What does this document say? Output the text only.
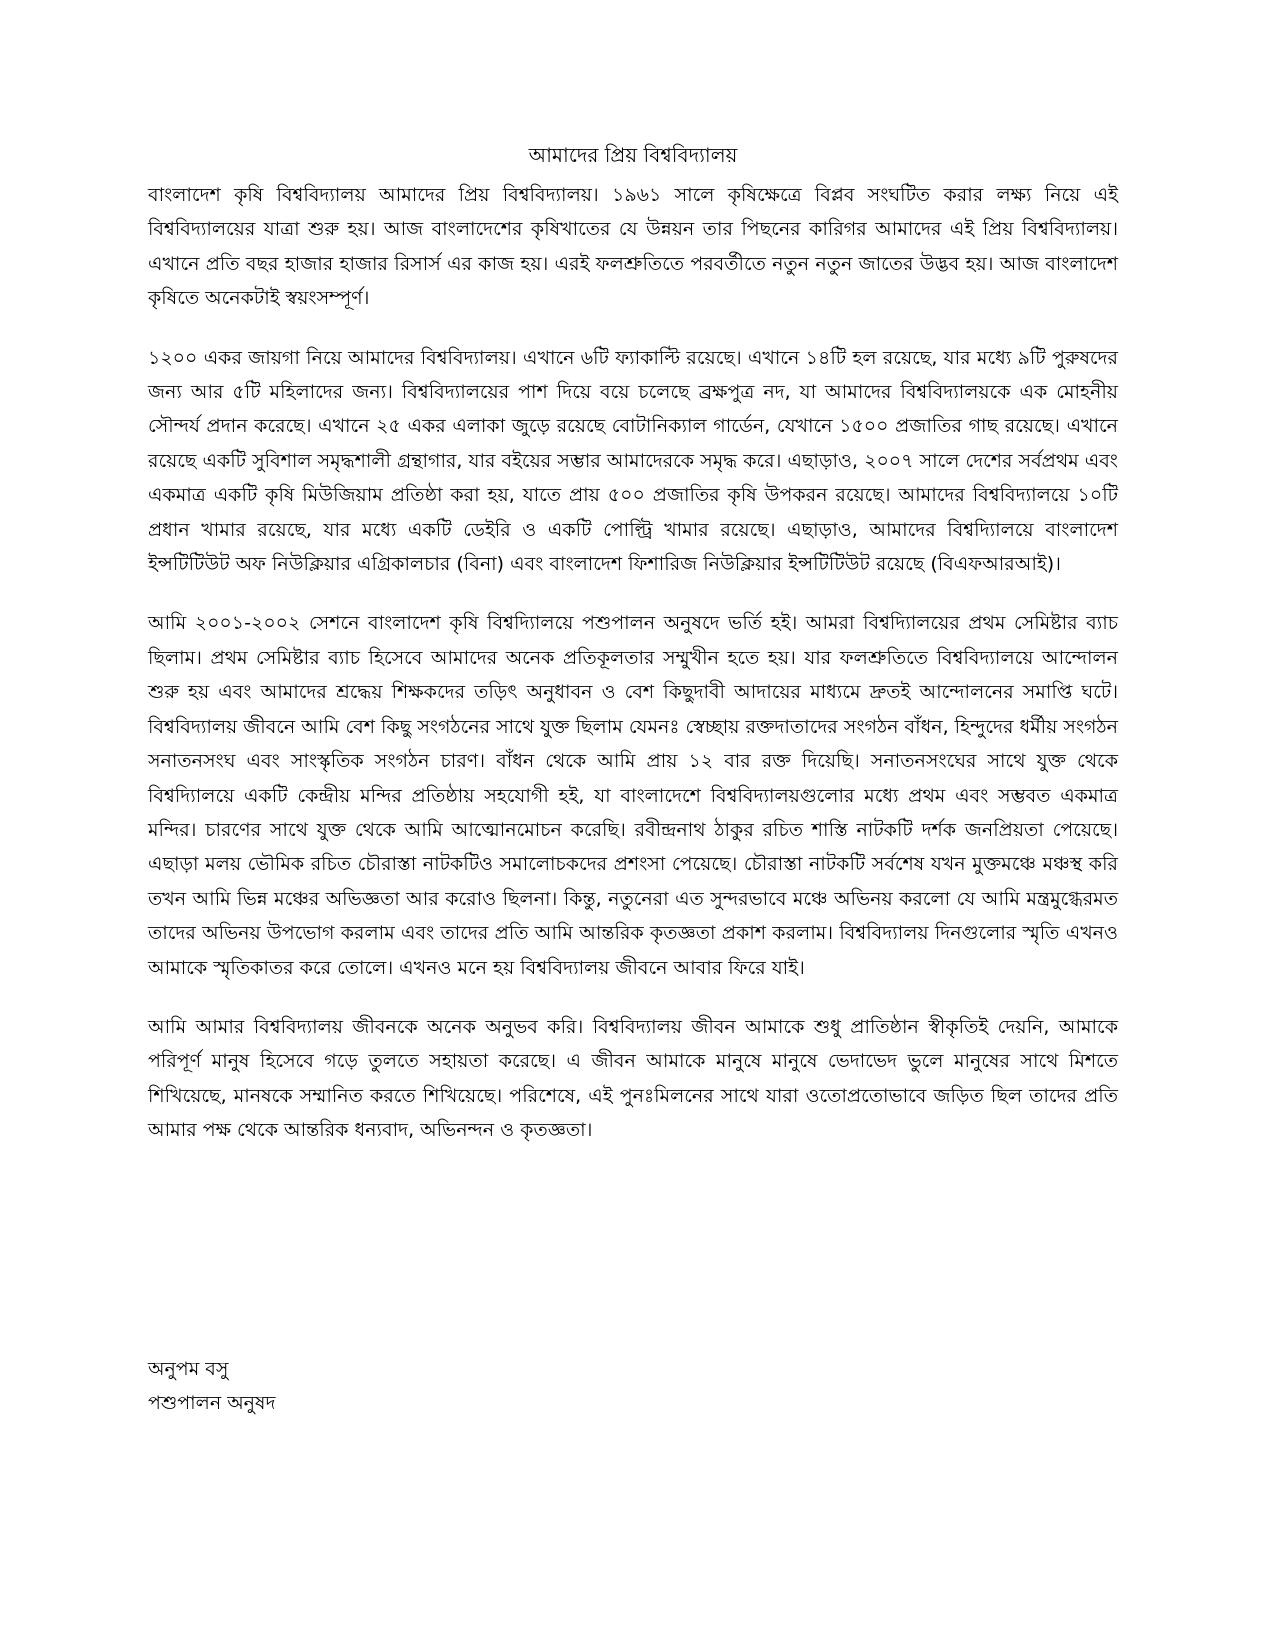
আমাদের প্রিয় বিশ্ববিদ্যালয়

বাংলাদেশ কৃষি বিশ্ববিদ্যালয় আমাদের প্রিয় বিশ্ববিদ্যালয়। ১৯৬১ সালে কৃষিক্ষেত্রে বিপ্লব সংঘটিত করার লক্ষ্য নিয়ে এই বিশ্ববিদ্যালয়ের যাত্রা শুরু হয়। আজ বাংলাদেশের কৃষিখাতের যে উন্নয়ন তার পিছনের কারিগর আমাদের এই প্রিয় বিশ্ববিদ্যালয়। এখানে প্রতি বছর হাজার হাজার রিসার্স এর কাজ হয়। এরই ফলশ্রুতিতে পরবর্তীতে নতুন নতুন জাতের উদ্ভব হয়। আজ বাংলাদেশ কৃষিতে অনেকটাই স্বয়ংসম্পূর্ণ।

১২০০ একর জায়গা নিয়ে আমাদের বিশ্ববিদ্যালয়। এখানে ৬টি ফ্যাকাল্টি রয়েছে। এখানে ১৪টি হল রয়েছে, যার মধ্যে ৯টি পুরুষদের জন্য আর ৫টি মহিলাদের জন্য। বিশ্ববিদ্যালয়ের পাশ দিয়ে বয়ে চলেছে ব্রক্ষপুত্র নদ, যা আমাদের বিশ্ববিদ্যালয়কে এক মোহনীয় সৌন্দর্য প্রদান করেছে। এখানে ২৫ একর এলাকা জুড়ে রয়েছে বোটানিক্যাল গার্ডেন, যেখানে ১৫০০ প্রজাতির গাছ রয়েছে। এখানে রয়েছে একটি সুবিশাল সমৃদ্ধশালী গ্রন্থাগার, যার বইয়ের সম্ভার আমাদেরকে সমৃদ্ধ করে। এছাড়াও, ২০০৭ সালে দেশের সর্বপ্রথম এবং একমাত্র একটি কৃষি মিউজিয়াম প্রতিষ্ঠা করা হয়, যাতে প্রায় ৫০০ প্রজাতির কৃষি উপকরন রয়েছে। আমাদের বিশ্ববিদ্যালয়ে ১০টি প্রধান খামার রয়েছে, যার মধ্যে একটি ডেইরি ও একটি পোল্ট্রি খামার রয়েছে। এছাড়াও, আমাদের বিশ্বদ্যিালয়ে বাংলাদেশ ইন্সটিটিউট অফ নিউক্লিয়ার এগ্রিকালচার (বিনা) এবং বাংলাদেশ ফিশারিজ নিউক্লিয়ার ইন্সটিটিউট রয়েছে (বিএফআরআই)।

আমি ২০০১-২০০২ সেশনে বাংলাদেশ কৃষি বিশ্বদ্যিালয়ে পশুপালন অনুষদে ভর্তি হই। আমরা বিশ্বদ্যিালয়ের প্রথম সেমিষ্টার ব্যাচ ছিলাম। প্রথম সেমিষ্টার ব্যাচ হিসেবে আমাদের অনেক প্রতিকূলতার সম্মুখীন হতে হয়। যার ফলশ্রুতিতে বিশ্ববিদ্যালয়ে আন্দোলন শুরু হয় এবং আমাদের শ্রদ্ধেয় শিক্ষকদের তড়িৎ অনুধাবন ও বেশ কিছুদাবী আদায়ের মাধ্যমে দ্রুতই আন্দোলনের সমাপ্তি ঘটে। বিশ্ববিদ্যালয় জীবনে আমি বেশ কিছু সংগঠনের সাথে যুক্ত ছিলাম যেমনঃ স্বেচ্ছায় রক্তদাতাদের সংগঠন বাঁধন, হিন্দুদের ধর্মীয় সংগঠন সনাতনসংঘ এবং সাংস্কৃতিক সংগঠন চারণ। বাঁধন থেকে আমি প্রায় ১২ বার রক্ত দিয়েছি। সনাতনসংঘের সাথে যুক্ত থেকে বিশ্বদ্যিালয়ে একটি কেন্দ্রীয় মন্দির প্রতিষ্ঠায় সহযোগী হই, যা বাংলাদেশে বিশ্ববিদ্যালয়গুলোর মধ্যে প্রথম এবং সম্ভবত একমাত্র মন্দির। চারণের সাথে যুক্ত থেকে আমি আত্মোনমোচন করেছি। রবীন্দ্রনাথ ঠাকুর রচিত শাস্তি নাটকটি দর্শক জনপ্রিয়তা পেয়েছে। এছাড়া মলয় ভৌমিক রচিত চৌরাস্তা নাটকটিও সমালোচকদের প্রশংসা পেয়েছে। চৌরাস্তা নাটকটি সর্বশেষ যখন মুক্তমঞ্চে মঞ্চস্থ করি তখন আমি ভিন্ন মঞ্চের অভিজ্ঞতা আর করোও ছিলনা। কিন্তু, নতুনেরা এত সুন্দরভাবে মঞ্চে অভিনয় করলো যে আমি মন্ত্রমুগ্ধেরমত তাদের অভিনয় উপভোগ করলাম এবং তাদের প্রতি আমি আন্তরিক কৃতজ্ঞতা প্রকাশ করলাম। বিশ্ববিদ্যালয় দিনগুলোর স্মৃতি এখনও আমাকে স্মৃতিকাতর করে তোলে। এখনও মনে হয় বিশ্ববিদ্যালয় জীবনে আবার ফিরে যাই।

আমি আমার বিশ্ববিদ্যালয় জীবনকে অনেক অনুভব করি। বিশ্ববিদ্যালয় জীবন আমাকে শুধু প্রাতিষ্ঠান স্বীকৃতিই দেয়নি, আমাকে পরিপূর্ণ মানুষ হিসেবে গড়ে তুলতে সহায়তা করেছে। এ জীবন আমাকে মানুষে মানুষে ভেদাভেদ ভুলে মানুষের সাথে মিশতে শিখিয়েছে, মানষকে সম্মানিত করতে শিখিয়েছে। পরিশেষে, এই পুনঃমিলনের সাথে যারা ওতোপ্রতোভাবে জড়িত ছিল তাদের প্রতি আমার পক্ষ থেকে আন্তরিক ধন্যবাদ, অভিনন্দন ও কৃতজ্ঞতা।

অনুপম বসু
পশুপালন অনুষদ
